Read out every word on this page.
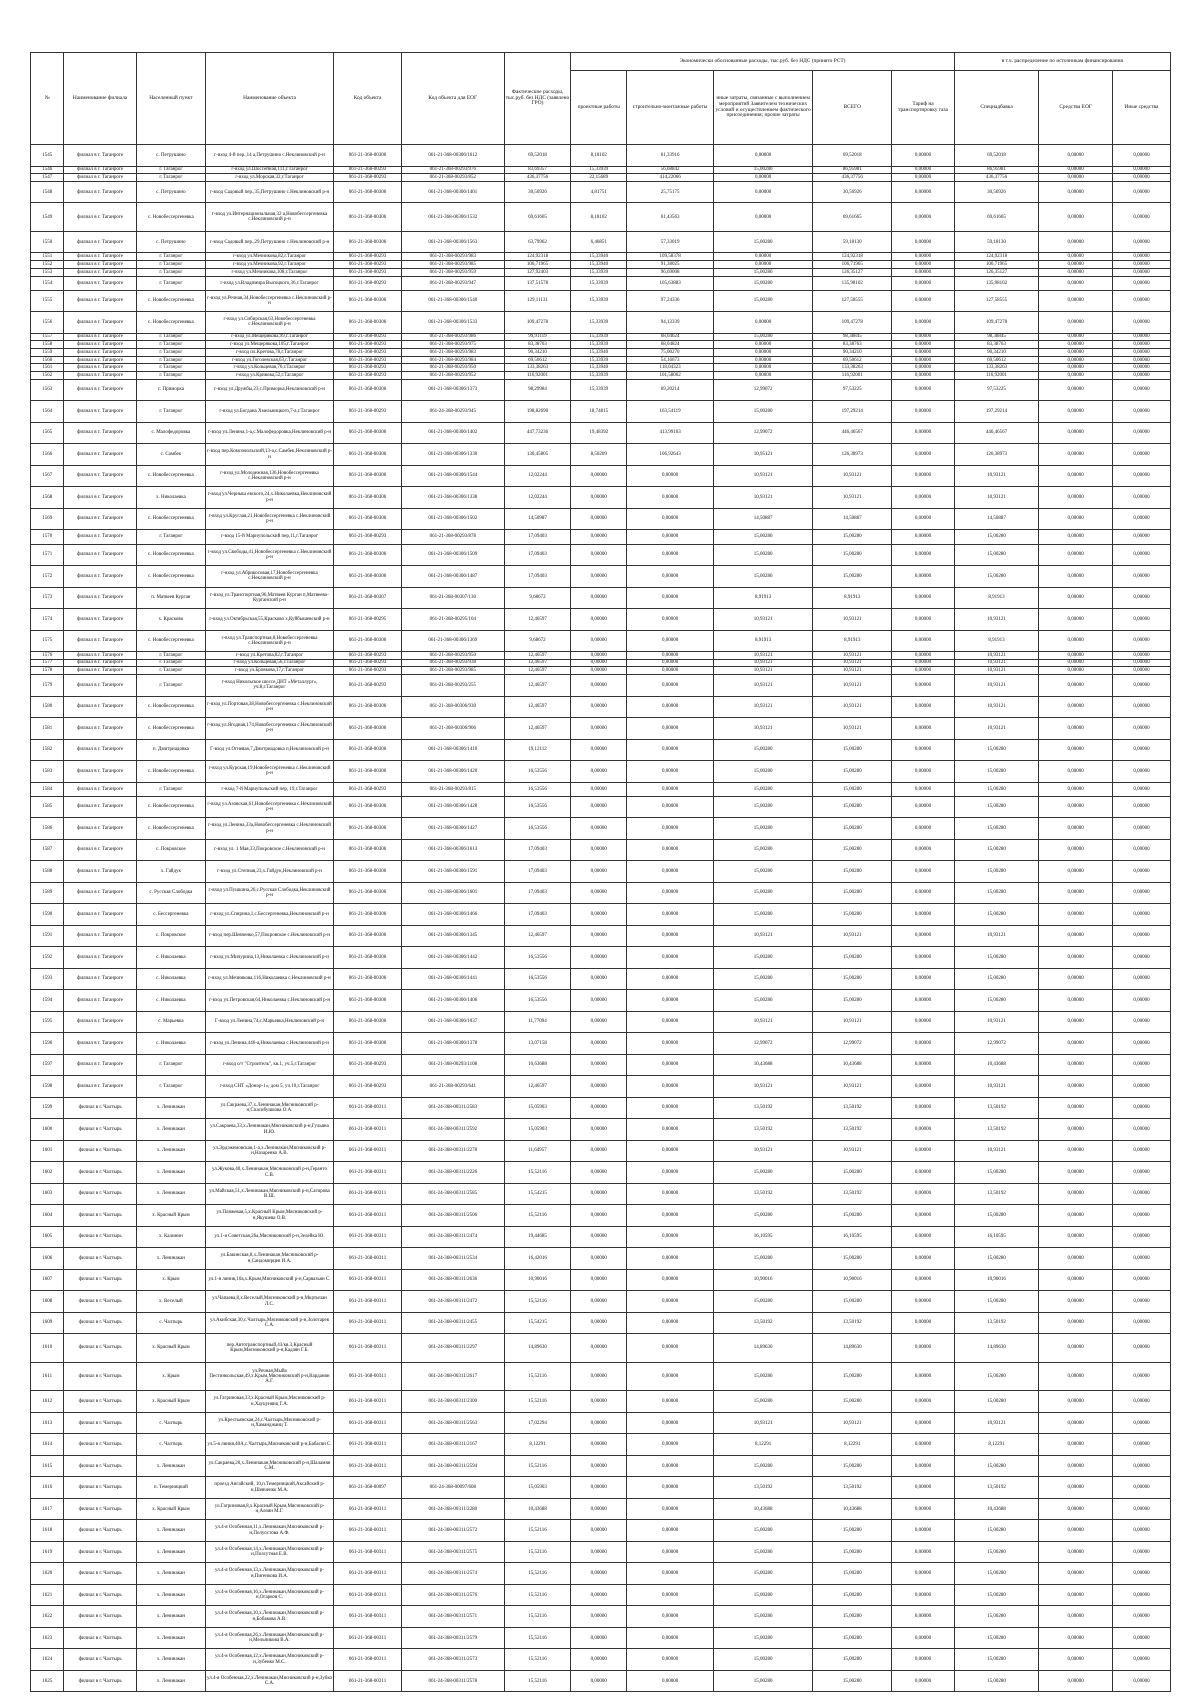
№	Наименование филиала	Населенный пункт	Наименование объекта	Код объекта	Код объекта для ЕОГ	Фактические расходы, тыс.руб. без НДС (заявлено ГРО)	Экономически обоснованные расходы, тыс.руб. без НДС (принято РСТ)					в т.ч. распределение по источникам финансирования		
							проектные работы	строительно-монтажные работы	иные затраты, связанные с выполнением мероприятий Заявителем технических условий и осуществлением фактического присоединения; прочие затраты	ВСЕГО	Тариф на транспортировку газа	Спецнадбавка	Средства ЕОГ	Иные средства
1545	филиал в г. Таганроге	с. Петрушино	г-вход 4-й пер.,14 а,Петрушино с.Неклиновский р-н	061-21-368-00306	061-21-368-00306/1612	69,52018	8,18102	61,33916	0,00000	69,52018	0,00000	69,52018	0,00000	0,00000
1546	филиал в г. Таганроге	г. Таганрог	г-вход ул.Шоссейная,111,г.Таганрог	061-21-368-00293	061-21-368-00293/976	83,69357	15,33939	56,68842	15,00280	86,95981	0,00000	86,95981	0,00000	0,00000
1547	филиал в г. Таганроге	г. Таганрог	г-вход ул.Морская,32,г.Таганрог	061-21-368-00293	061-21-368-00293/852	436,37756	22,15689	414,22066	0,00000	436,37756	0,00000	436,37756	0,00000	0,00000
1548	филиал в г. Таганроге	с. Петрушино	г-вход Садовый пер.,35,Петрушино с.Неклиновский р-н	061-21-368-00306	061-21-368-00306/1401	30,56926	4,81751	25,75175	0,00000	30,56926	0,00000	30,56926	0,00000	0,00000
1549	филиал в г. Таганроге	с. Новобессергеневка	г-вход ул.Интернациональная,32 а,Новобессергеневка с.Неклиновский р-н	061-21-368-00306	061-21-368-00306/1532	69,61665	8,18102	61,43563	0,00000	69,61665	0,00000	69,61665	0,00000	0,00000
1550	филиал в г. Таганроге	с. Петрушино	г-вход Садовый пер.,29,Петрушино с.Неклиновский р-н	061-21-368-00306	061-21-368-00306/1563	63,79962	6,46851	57,33019	15,00280	59,18130	0,00000	59,18130	0,00000	0,00000
1551	филиал в г. Таганроге	г. Таганрог	г-вход ул.Мечникова,82,г.Таганрог	061-21-368-00293	061-21-368-00293/983	124,92318	15,33940	109,58378	0,00000	124,92318	0,00000	124,92318	0,00000	0,00000
1552	филиал в г. Таганроге	г. Таганрог	г-вход ул.Мечникова,92,г.Таганрог	061-21-368-00293	061-21-368-00293/985	106,71965	15,33940	91,38025	0,00000	106,71965	0,00000	106,71965	0,00000	0,00000
1553	филиал в г. Таганроге	г. Таганрог	г-вход ул.Мечникова,108,г.Таганрог	061-21-368-00293	061-21-368-00293/959	127,92403	15,33939	96,69008	15,00280	126,35127	0,00000	126,35127	0,00000	0,00000
1554	филиал в г. Таганроге	г. Таганрог	г-вход ул.Владимира Высоцкого,36,г.Таганрог	061-21-368-00293	061-21-368-00293/947	137,51578	15,33939	105,63883	15,00280	135,98102	0,00000	135,98102	0,00000	0,00000
1555	филиал в г. Таганроге	с. Новобессергеневка	г-вход ул.Речная,34,Новобессергеневка с.Неклиновский р-н	061-21-368-00306	061-21-368-00306/1540	129,11131	15,33939	97,24336	15,00280	127,58555	0,00000	127,58555	0,00000	0,00000
1556	филиал в г. Таганроге	с. Новобессергеневка	г-вход ул.Сибирская,63,Новобессергеневка с.Неклиновский р-н	061-21-368-00306	061-21-368-00306/1533	109,47278	15,33939	94,13339	0,00000	109,47278	0,00000	109,47278	0,00000	0,00000
1557	филиал в г. Таганроге	г. Таганрог	г-вход ул.Мещерякова,99,г.Таганрог	061-21-368-00293	061-21-368-00293/986	99,91119	15,33939	68,04624	15,00280	98,38845	0,00000	98,38845	0,00000	0,00000
1558	филиал в г. Таганроге	г. Таганрог	г-вход ул.Мещерякова,105,г.Таганрог	061-21-368-00293	061-21-368-00293/975	83,38763	15,33939	68,04824	0,00000	83,38763	0,00000	83,38763	0,00000	0,00000
1559	филиал в г. Таганроге	г. Таганрог	г-вход пл.Кретова,78,г.Таганрог	061-21-368-00293	061-21-368-00293/983	90,34210	15,33940	75,00270	0,00000	90,34210	0,00000	90,34210	0,00000	0,00000
1560	филиал в г. Таганроге	г. Таганрог	г-вход ул.Гоголевская,63,г.Таганрог	061-21-368-00293	061-21-368-00293/984	69,50612	15,33939	54,16673	0,00000	69,50612	0,00000	69,50612	0,00000	0,00000
1561	филиал в г. Таганроге	г. Таганрог	г-вход ул.Кольцевая,70,г.Таганрог	061-21-368-00293	061-21-368-00293/950	133,38263	15,33940	118,04323	0,00000	133,38263	0,00000	133,38263	0,00000	0,00000
1562	филиал в г. Таганроге	г. Таганрог	г-вход ул.Кривова,52,г.Таганрог	061-21-368-00293	061-21-368-00293/952	116,92001	15,33939	101,58062	0,00000	116,92001	0,00000	116,92001	0,00000	0,00000
1563	филиал в г. Таганроге	с. Приморка	г-вход ул.Дружбы,23,с.Приморка,Неклиновский р-н	061-21-368-00306	061-21-368-00306/1373	98,29984	15,33939	69,20214	12,99072	97,53225	0,00000	97,53225	0,00000	0,00000
1564	филиал в г. Таганроге	г. Таганрог	г-вход ул.Богдана Хмельницкого,7-а,г.Таганрог	061-21-368-00293	061-24-368-00293/945	198,82690	18,74815	163,54119	15,00280	197,29214	0,00000	197,29214	0,00000	0,00000
1565	филиал в г. Таганроге	с. Малофедоровка	г-вход ул.Ленина,1-а,с.Малофедоровка,Неклиновский р-н	061-21-368-00306	061-21-368-00306/1402	447,73236	19,48392	413,99103	12,99072	446,46567	0,00000	446,46567	0,00000	0,00000
1566	филиал в г. Таганроге	с. Самбек	г-вход пер.Комсомольский,13-а,с.Самбек,Неклиновский р-н	061-21-368-00306	061-21-368-00306/1330	130,45805	8,50209	106,92643	10,95121	126,38973	0,00000	126,38973	0,00000	0,00000
1567	филиал в г. Таганроге	с. Новобессергеневка	г-вход ул.Молодежная,136,Новобессергеневка с.Неклиновский р-н	061-21-368-00306	061-21-368-00306/1544	12,02244	0,00000	0,00000	10,93121	10,93121	0,00000	10,93121	0,00000	0,00000
1568	филиал в г. Таганроге	х. Николаевка	г-вход ул.Черныш евского,24,х.Николаевка,Неклиновский р-н	061-21-368-00306	061-21-368-00306/1338	12,02244	0,00000	0,00000	10,93121	10,93121	0,00000	10,93121	0,00000	0,00000
1569	филиал в г. Таганроге	с. Новобессергеневка	г-вход ул.Круглая,21,Новобессергеневка с.Неклиновский р-н	061-21-368-00306	061-21-368-00306/1502	14,50987	0,00000	0,00000	14,50887	14,50887	0,00000	14,50887	0,00000	0,00000
1570	филиал в г. Таганроге	г. Таганрог	г-вход 15-й Мариупольский пер,11,г.Таганрог	061-21-368-00293	061-21-368-00293/878	17,09403	0,00000	0,00000	15,00280	15,00280	0,00000	15,00280	0,00000	0,00000
1571	филиал в г. Таганроге	с. Новобессергеневка	г-вход ул.Свободы,41,Новобессергеневка с.Неклиновский р-н	061-21-368-00306	061-21-368-00306/1509	17,09403	0,00000	0,00000	15,00280	15,00280	0,00000	15,00280	0,00000	0,00000
1572	филиал в г. Таганроге	с. Новобессергеневка	г-вход ул.Абрикосовая,17,Новобессергеневка с.Неклиновский р-н	061-21-368-00306	061-21-368-00306/1487	17,09403	0,00000	0,00000	15,00280	15,00280	0,00000	15,00280	0,00000	0,00000
1573	филиал в г. Таганроге	п. Матвеев Курган	г-вход ул.Транспортная,96,Матвеев Курган п,Матвеево-Курганский р-н	061-21-368-00307	061-21-368-00307/130	9,68672	0,00000	0,00000	8,91913	8,91913	0,00000	8,91913	0,00000	0,00000
1574	филиал в г. Таганроге	х. Красково	г-вход ул.Октябрьская,55,Красково х,Куйбышевский р-н	061-21-368-00295	061-21-368-00295/104	12,46597	0,00000	0,00000	10,93121	10,93121	0,00000	10,93121	0,00000	0,00000
1575	филиал в г. Таганроге	с. Новобессергеневка	г-вход ул.Транспортная,8,Новобессергеневка с.Неклиновский р-н	061-21-368-00306	061-21-368-00306/1369	9,68672	0,00000	0,00000	8,91913	8,91913	0,00000	8,91913	0,00000	0,00000
1576	филиал в г. Таганроге	г. Таганрог	г-вход ул.Кретова,82,г.Таганрог	061-21-368-00293	061-21-368-00293/950	12,46597	0,00000	0,00000	10,93121	10,93121	0,00000	10,93121	0,00000	0,00000
1577	филиал в г. Таганроге	г. Таганрог	г-вход ул.Кольцевая,56,г.Таганрог	061-21-368-00293	061-21-368-00293/938	12,46597	0,00000	0,00000	10,93121	10,93121	0,00000	10,93121	0,00000	0,00000
1578	филиал в г. Таганроге	г. Таганрог	г-вход ул.Бровкова,17,г.Таганрог	061-21-368-00293	061-21-368-00293/985	12,46597	0,00000	0,00000	10,93121	10,93121	0,00000	10,93121	0,00000	0,00000
1579	филиал в г. Таганроге	г. Таганрог	г-вход Никольское шоссе,ДНТ «Металлург», уч.8,г.Таганрог	061-21-368-00293	061-21-368-00293/255	12,46597	0,00000	0,00000	10,93121	10,93121	0,00000	10,93121	0,00000	0,00000
1580	филиал в г. Таганроге	с. Новобессергеневка	г-вход ул.Портовая,38,Новобессергеневка с.Неклиновский р-н	061-21-368-00306	061-21-368-00306/930	12,46597	0,00000	0,00000	10,93121	10,93121	0,00000	10,93121	0,00000	0,00000
1581	филиал в г. Таганроге	с. Новобессергеневка	г-вход ул.Ягодная,174,Новобессергеневка с.Неклиновский р-н	061-21-368-00306	061-21-368-00306/906	12,46597	0,00000	0,00000	10,93121	10,93121	0,00000	10,93121	0,00000	0,00000
1582	филиал в г. Таганроге	п. Дмитриадовка	Г-вход ул.Огневая,7,Дмитриадовка п,Неклиновский р-н	061-21-368-00306	061-21-368-00306/1410	19,12112	0,00000	0,00000	15,00280	15,00280	0,00000	15,00280	0,00000	0,00000
1583	филиал в г. Таганроге	с. Новобессергеневка	г-вход ул.Курская,19,Новобессергеневка с.Неклиновский р-н	061-21-368-00306	061-21-368-00306/1420	16,53556	0,00000	0,00000	15,00280	15,00280	0,00000	15,00280	0,00000	0,00000
1584	филиал в г. Таганроге	г. Таганрог	г-вход 7-й Мариупольский пер, 19,г.Таганрог	061-21-368-00293	061-21-368-00293/815	16,53556	0,00000	0,00000	15,00280	15,00280	0,00000	15,00280	0,00000	0,00000
1585	филиал в г. Таганроге	с. Новобессергеневка	г-вход ул.Азовская,61,Новобессергеневка с.Неклиновский р-н	061-21-368-00306	061-21-368-00306/1428	16,53556	0,00000	0,00000	15,00280	15,00280	0,00000	15,00280	0,00000	0,00000
1586	филиал в г. Таганроге	с. Новобессергеневка	г-вход ул.Ленина,33а,Новобессергеневка с.Неклиновский р-н	061-21-368-00306	061-21-368-00306/1427	16,53556	0,00000	0,00000	15,00280	15,00280	0,00000	15,00280	0,00000	0,00000
1587	филиал в г. Таганроге	с. Покровское	г-вход ул. 1 Мая,33,Покровское с.Неклиновский р-н	061-21-368-00306	061-21-368-00306/1613	17,09403	0,00000	0,00000	15,00280	15,00280	0,00000	15,00280	0,00000	0,00000
1588	филиал в г. Таганроге	х. Гайдук	г-вход ул.Степная,23,х.Гайдук,Неклиновский р-н	061-21-368-00306	061-21-368-00306/1591	17,09403	0,00000	0,00000	15,00280	15,00280	0,00000	15,00280	0,00000	0,00000
1589	филиал в г. Таганроге	с. Русская Слободка	г-вход ул.Пушкина,26,с.Русская Слободка,Неклиновский р-н	061-21-368-00306	061-21-368-00306/1601	17,09403	0,00000	0,00000	15,00280	15,00280	0,00000	15,00280	0,00000	0,00000
1590	филиал в г. Таганроге	с. Бессергеневка	г-вход ул.Спирина,1,с.Бессергеневка,Неклиновский р-н	061-21-368-00306	061-21-368-00306/1466	17,09403	0,00000	0,00000	15,00280	15,00280	0,00000	15,00280	0,00000	0,00000
1591	филиал в г. Таганроге	с. Покровское	г-вход пер.Шевченко,57,Покровское с.Неклиновский р-н	061-21-368-00306	061-21-368-00306/1345	12,46597	0,00000	0,00000	10,93121	10,93121	0,00000	10,93121	0,00000	0,00000
1592	филиал в г. Таганроге	с. Николаевка	г-вход ул.Мичурина,13,Николаевка с.Неклиновский р-н	061-21-368-00306	061-21-368-00306/1442	16,53556	0,00000	0,00000	15,00280	15,00280	0,00000	15,00280	0,00000	0,00000
1593	филиал в г. Таганроге	с. Николаевка	г-вход ул.Мечникова,116,Николаевка с.Неклиновский р-н	061-21-368-00306	061-21-368-00306/1441	16,53556	0,00000	0,00000	15,00280	15,00280	0,00000	15,00280	0,00000	0,00000
1594	филиал в г. Таганроге	с. Николаевка	г-вход ул.Петровская,64,Николаевка с.Неклиновский р-н	061-21-368-00306	061-21-368-00306/1406	16,53556	0,00000	0,00000	15,00280	15,00280	0,00000	15,00280	0,00000	0,00000
1595	филиал в г. Таганроге	с. Марьевка	Г-вход ул.Ленина,74,с.Марьевка,Неклиновский р-н	061-21-368-00306	061-21-368-00306/1037	11,77094	0,00000	0,00000	10,93121	10,93121	0,00000	10,93121	0,00000	0,00000
1596	филиал в г. Таганроге	с. Николаевка	г-вход ул.Ленина,446-а,Николаевка с.Неклиновский р-н	061-21-368-00306	061-21-368-00306/1378	13,07158	0,00000	0,00000	12,99072	12,99072	0,00000	12,99072	0,00000	0,00000
1597	филиал в г. Таганроге	г. Таганрог	г-вход о/т "Строитель", кв.1, уч.5,г.Таганрог	061-21-368-00293	061-21-368-00293/1108	10,63688	0,00000	0,00000	10,43688	10,43688	0,00000	10,43688	0,00000	0,00000
1598	филиал в г. Таганроге	г. Таганрог	г-вход СНТ «Донор-1», дом 5, уч.10,г.Таганрог	061-21-368-00293	061-21-368-00293/641	12,46597	0,00000	0,00000	10,93121	10,93121	0,00000	10,93121	0,00000	0,00000
1599	филиал в г. Чалтырь	х. Ленинакан	ул.Сакраева,37,х.Ленинакан,Мясниковский р-н,Спасибушкова О.А.	061-21-368-00311	061-24-368-00311/2583	15,05903	0,00000	0,00000	13,50192	13,50192	0,00000	13,50192	0,00000	0,00000
1600	филиал в г. Чалтырь	х. Ленинакан	ул.Сакраева,33,х.Ленинакан,Мясниковский р-н,Гульяна И.Ю.	061-21-368-00311	061-24-368-00311/2592	15,05903	0,00000	0,00000	13,50192	13,50192	0,00000	13,50192	0,00000	0,00000
1601	филиал в г. Чалтырь	х. Ленинакан	ул.Эрдэжемовская,1-а,х.Ленинакан,Мясниковский р-н,Назаренко А.В.	061-21-368-00311	061-24-368-00311/2278	11,64957	0,00000	0,00000	10,93121	10,93121	0,00000	10,93121	0,00000	0,00000
1602	филиал в г. Чалтырь	х. Ленинакан	ул.Жукова,40,х.Ленинакан,Мясниковский р-н,Геранто С.В.	061-21-368-00311	061-24-368-00311/2226	15,52116	0,00000	0,00000	15,00280	15,00280	0,00000	15,00280	0,00000	0,00000
1603	филиал в г. Чалтырь	х. Ленинакан	ул.Майская,51,х.Ленинакан,Мясниковский р-н,Сагирова В.Ш.	061-21-368-00311	061-24-368-00311/2585	15,54215	0,00000	0,00000	13,50192	13,50192	0,00000	13,50192	0,00000	0,00000
1604	филиал в г. Чалтырь	х. Красный Крым	ул.Пляжевая,5,х.Красный Крым,Мясниковский р-н,Якушева О.В.	061-21-368-00311	061-24-368-00311/2506	15,52116	0,00000	0,00000	15,00280	15,00280	0,00000	15,00280	0,00000	0,00000
1605	филиал в г. Чалтырь	х. Калинин	ул.1-я Советская,26а,Мясниковский р-н,Зелейка Ю.	061-21-368-00311	061-24-368-00311/2474	19,44685	0,00000	0,00000	16,10595	16,10595	0,00000	16,10595	0,00000	0,00000
1606	филиал в г. Чалтырь	х. Ленинакан	ул.Бакинская,8,х.Ленинакан,Мясниковский р-н,Сандомирцев И.А.	061-21-368-00311	061-24-368-00311/2534	16,42016	0,00000	0,00000	15,00280	15,00280	0,00000	15,00280	0,00000	0,00000
1607	филиал в г. Чалтырь	х. Крым	ул.1-я линия,10а,х.Крым,Мясниковский р-н,Сарвазьян С.	061-21-368-00311	061-24-368-00311/2636	10,90016	0,00000	0,00000	10,90016	10,90016	0,00000	10,90016	0,00000	0,00000
1608	филиал в г. Чалтырь	х. Веселый	ул.Чапаева,8,х.Веселый,Мясниковский р-н,Мкртычан Л.С.	061-21-368-00311	061-24-368-00311/2472	15,52116	0,00000	0,00000	15,00280	15,00280	0,00000	15,00280	0,00000	0,00000
1609	филиал в г. Чалтырь	с. Чалтырь	ул.Акибская,30,с.Чалтырь,Мясниковский р-н,Золотарев С.А.	061-21-368-00311	061-24-368-00311/2455	15,54215	0,00000	0,00000	13,50192	13,50192	0,00000	13,50192	0,00000	0,00000
1610	филиал в г. Чалтырь	х. Красный Крым	пер.Автотранспортный,43/кв.3,Красный Крым,Мясниковский р-н,Кадаян Г.Б.	061-21-368-00311	061-24-368-00311/2297	14,89630	0,00000	0,00000	14,89630	14,89630	0,00000	14,89630	0,00000	0,00000
1611	филиал в г. Чалтырь	х. Крым	ул.Речная,Мыйа Пестинкольская,49,х.Крым,Мясниковский р-н,Варданян А.Г.	061-21-368-00311	061-24-368-00311/2617	15,52116	0,00000	0,00000	15,00280	15,00280	0,00000	15,00280	0,00000	0,00000
1612	филиал в г. Чалтырь	х. Красный Крым	ул.Гагриновая,33,х.Красный Крым,Мясниковский р-н,Хауцунянц Г.А.	061-21-368-00311	061-24-368-00311/2300	15,52116	0,00000	0,00000	15,00280	15,00280	0,00000	15,00280	0,00000	0,00000
1613	филиал в г. Чалтырь	с. Чалтырь	ул.Крестьянская,24,с.Чалтырь,Мясниковский р-н,Хаманджанц Т.	061-21-368-00311	061-24-368-00311/2563	17,02294	0,00000	0,00000	10,93121	10,93121	0,00000	10,93121	0,00000	0,00000
1614	филиал в г. Чалтырь	с. Чалтырь	ул.5-я линия,40А,с.Чалтырь,Мясниковский р-н,Бабасян С.	061-21-368-00311	061-24-368-00311/2167	8,12291	0,00000	0,00000	8,12291	8,12291	0,00000	8,12291	0,00000	0,00000
1615	филиал в г. Чалтырь	х. Ленинакан	ул.Сакраева,20,х.Ленинакан,Мясниковский р-н,Шаламян С.М.	061-21-368-00311	061-24-368-00311/2594	15,52116	0,00000	0,00000	15,00280	15,00280	0,00000	15,00280	0,00000	0,00000
1616	филиал в г. Чалтырь	п. Темерницкий	проезд Ангайский, 10,п.Темерницкий,Аксайский р-н,Шевченко М.А.	061-21-368-00097	061-24-368-00097/608	15,05903	0,00000	0,00000	13,50192	13,50192	0,00000	13,50192	0,00000	0,00000
1617	филиал в г. Чалтырь	х. Красный Крым	ул.Гагриновая,8,х.Красный Крым,Мясниковский р-н,Алоян М.Г.	061-21-368-00311	061-24-368-00311/2280	10,43688	0,00000	0,00000	10,43688	10,43688	0,00000	10,43688	0,00000	0,00000
1618	филиал в г. Чалтырь	х. Ленинакан	ул.4-я Особенная,11,х.Ленинакан,Мясниковский р-н,Полуостова А.Ф.	061-21-368-00311	061-24-368-00311/2572	15,52116	0,00000	0,00000	15,00280	15,00280	0,00000	15,00280	0,00000	0,00000
1619	филиал в г. Чалтырь	х. Ленинакан	ул.4-я Особенная,14,х.Ленинакан,Мясниковский р-н,Полсутная Е.В.	061-21-368-00311	061-24-368-00311/2575	15,52116	0,00000	0,00000	15,00280	15,00280	0,00000	15,00280	0,00000	0,00000
1620	филиал в г. Чалтырь	х. Ленинакан	ул.4-я Особенная,13,х.Ленинакан,Мясниковский р-н,Пигенкова И.А.	061-21-368-00311	061-24-368-00311/2574	15,52116	0,00000	0,00000	15,00280	15,00280	0,00000	15,00280	0,00000	0,00000
1621	филиал в г. Чалтырь	х. Ленинакан	ул.4-я Особенная,16,х.Ленинакан,Мясниковский р-н,Огарков С.	061-21-368-00311	061-24-368-00311/2576	15,52116	0,00000	0,00000	15,00280	15,00280	0,00000	15,00280	0,00000	0,00000
1622	филиал в г. Чалтырь	х. Ленинакан	ул.4-я Особенная,10,х.Ленинакан,Мясниковский р-н,Бобакова А.В.	061-21-368-00311	061-24-368-00311/2571	15,52116	0,00000	0,00000	15,00280	15,00280	0,00000	15,00280	0,00000	0,00000
1623	филиал в г. Чалтырь	х. Ленинакан	ул.4-я Особенная,26,х.Ленинакан,Мясниковский р-н,Мельникова В.А.	061-21-368-00311	061-24-368-00311/2579	15,52116	0,00000	0,00000	15,00280	15,00280	0,00000	15,00280	0,00000	0,00000
1624	филиал в г. Чалтырь	х. Ленинакан	ул.4-я Особенная,12,х.Ленинакан,Мясниковский р-н,Зубенко М.С.	061-21-368-00311	061-24-368-00311/2573	15,52116	0,00000	0,00000	15,00280	15,00280	0,00000	15,00280	0,00000	0,00000
1625	филиал в г. Чалтырь	х. Ленинакан	ул.4-я Особенная,22,х.Ленинакан,Мясниковский р-н,Зубко С.А.	061-21-368-00311	061-24-368-00311/2578	15,52116	0,00000	0,00000	15,00280	15,00280	0,00000	15,00280	0,00000	0,00000
